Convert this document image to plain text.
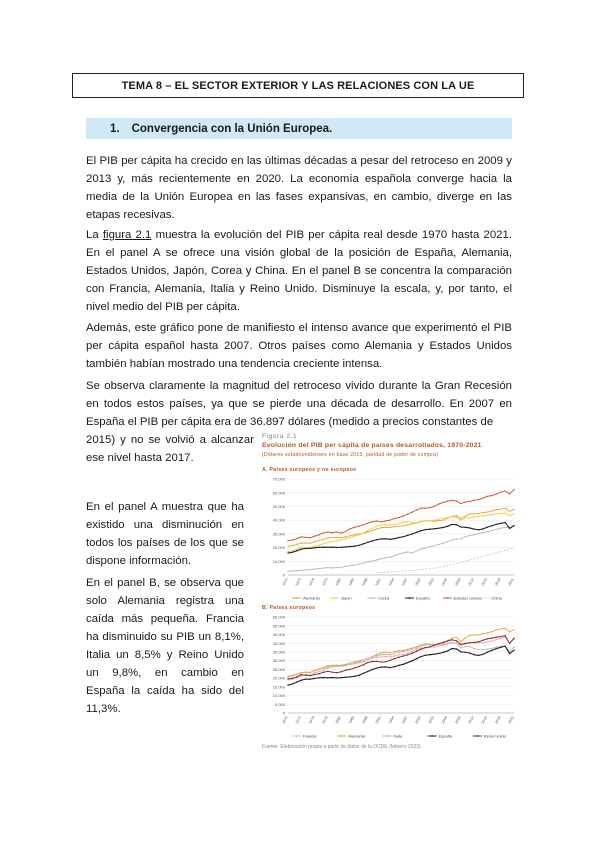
TEMA 8 – EL SECTOR EXTERIOR Y LAS RELACIONES CON LA UE
1. Convergencia con la Unión Europea.

El PIB per cápita ha crecido en las últimas décadas a pesar del retroceso en 2009 y 2013 y, más recientemente en 2020. La economía española converge hacia la media de la Unión Europea en las fases expansivas, en cambio, diverge en las etapas recesivas.

La figura 2.1 muestra la evolución del PIB per cápita real desde 1970 hasta 2021. En el panel A se ofrece una visión global de la posición de España, Alemania, Estados Unidos, Japón, Corea y China. En el panel B se concentra la comparación con Francia, Alemania, Italia y Reino Unido. Disminuye la escala, y, por tanto, el nivel medio del PIB per cápita.

Además, este gráfico pone de manifiesto el intenso avance que experimentó el PIB per cápita español hasta 2007. Otros países como Alemania y Estados Unidos también habían mostrado una tendencia creciente intensa.

Se observa claramente la magnitud del retroceso vivido durante la Gran Recesión en todos estos países, ya que se pierde una década de desarrollo. En 2007 en España el PIB per cápita era de 36.897 dólares (medido a precios constantes de

2015) y no se volvió a alcanzar ese nivel hasta 2017.

En el panel A muestra que ha existido una disminución en todos los países de los que se dispone información.

En el panel B, se observa que solo Alemania registra una caída más pequeña. Francia ha disminuido su PIB un 8,1%, Italia un 8,5% y Reino Unido un 9,8%, en cambio en España la caída ha sido del 11,3%.

Figura 2.1
Evolución del PIB per cápita de países desarrollados, 1970-2021
(Dólares estadounidenses en base 2015, paridad de poder de compra)
A. Países europeos y no europeos
0
10.000
20.000
30.000
40.000
50.000
60.000
70.000
1970 1973 1976 1979 1982 1985 1988 1991 1994 1997 2000 2003 2006 2009 2012 2015 2018 2021
Alemania	Japón	Corea	España	Estados Unidos China
B. Países europeos
0
5.000
10.000
15.000
20.000
25.000
30.000
35.000
40.000
45.000
50.000
55.000
1970 1973 1976 1979 1982 1985 1988 1991 1994 1997 2000 2003 2006 2009 2012 2015 2018 2021
Francia	Alemania	Italia	España	Reino Unido
Fuente: Elaboración propia a partir de datos de la OCDE (febrero 2023).
